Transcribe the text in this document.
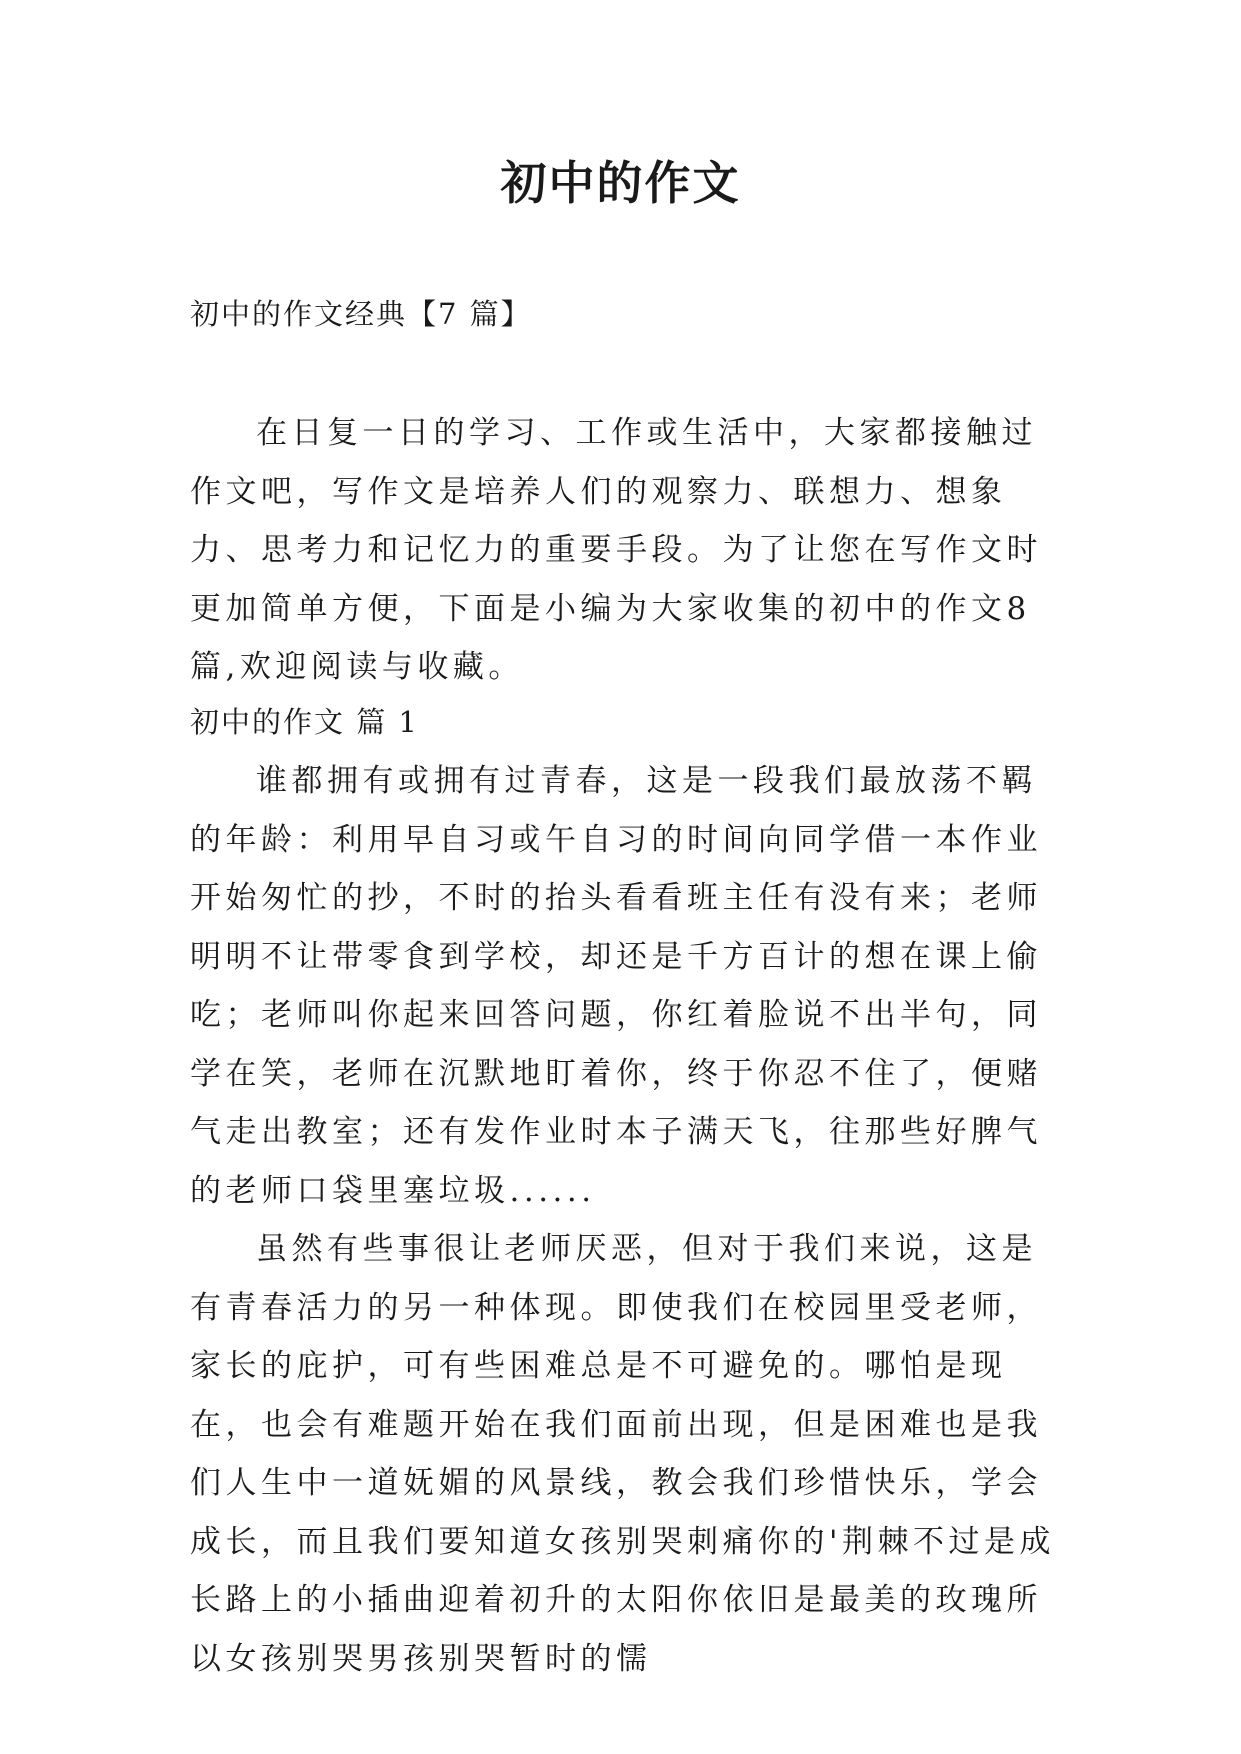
初中的作文

初中的作文经典【7 篇】

在日复一日的学习、工作或生活中，大家都接触过作文吧，写作文是培养人们的观察力、联想力、想象力、思考力和记忆力的重要手段。为了让您在写作文时更加简单方便，下面是小编为大家收集的初中的作文8 篇,欢迎阅读与收藏。

初中的作文 篇 1

谁都拥有或拥有过青春，这是一段我们最放荡不羁的年龄：利用早自习或午自习的时间向同学借一本作业开始匆忙的抄，不时的抬头看看班主任有没有来；老师明明不让带零食到学校，却还是千方百计的想在课上偷吃；老师叫你起来回答问题，你红着脸说不出半句，同学在笑，老师在沉默地盯着你，终于你忍不住了，便赌气走出教室；还有发作业时本子满天飞，往那些好脾气的老师口袋里塞垃圾......

虽然有些事很让老师厌恶，但对于我们来说，这是有青春活力的另一种体现。即使我们在校园里受老师，家长的庇护，可有些困难总是不可避免的。哪怕是现在，也会有难题开始在我们面前出现，但是困难也是我们人生中一道妩媚的风景线，教会我们珍惜快乐，学会成长，而且我们要知道女孩别哭刺痛你的'荆棘不过是成长路上的小插曲迎着初升的太阳你依旧是最美的玫瑰所以女孩别哭男孩别哭暂时的懦
